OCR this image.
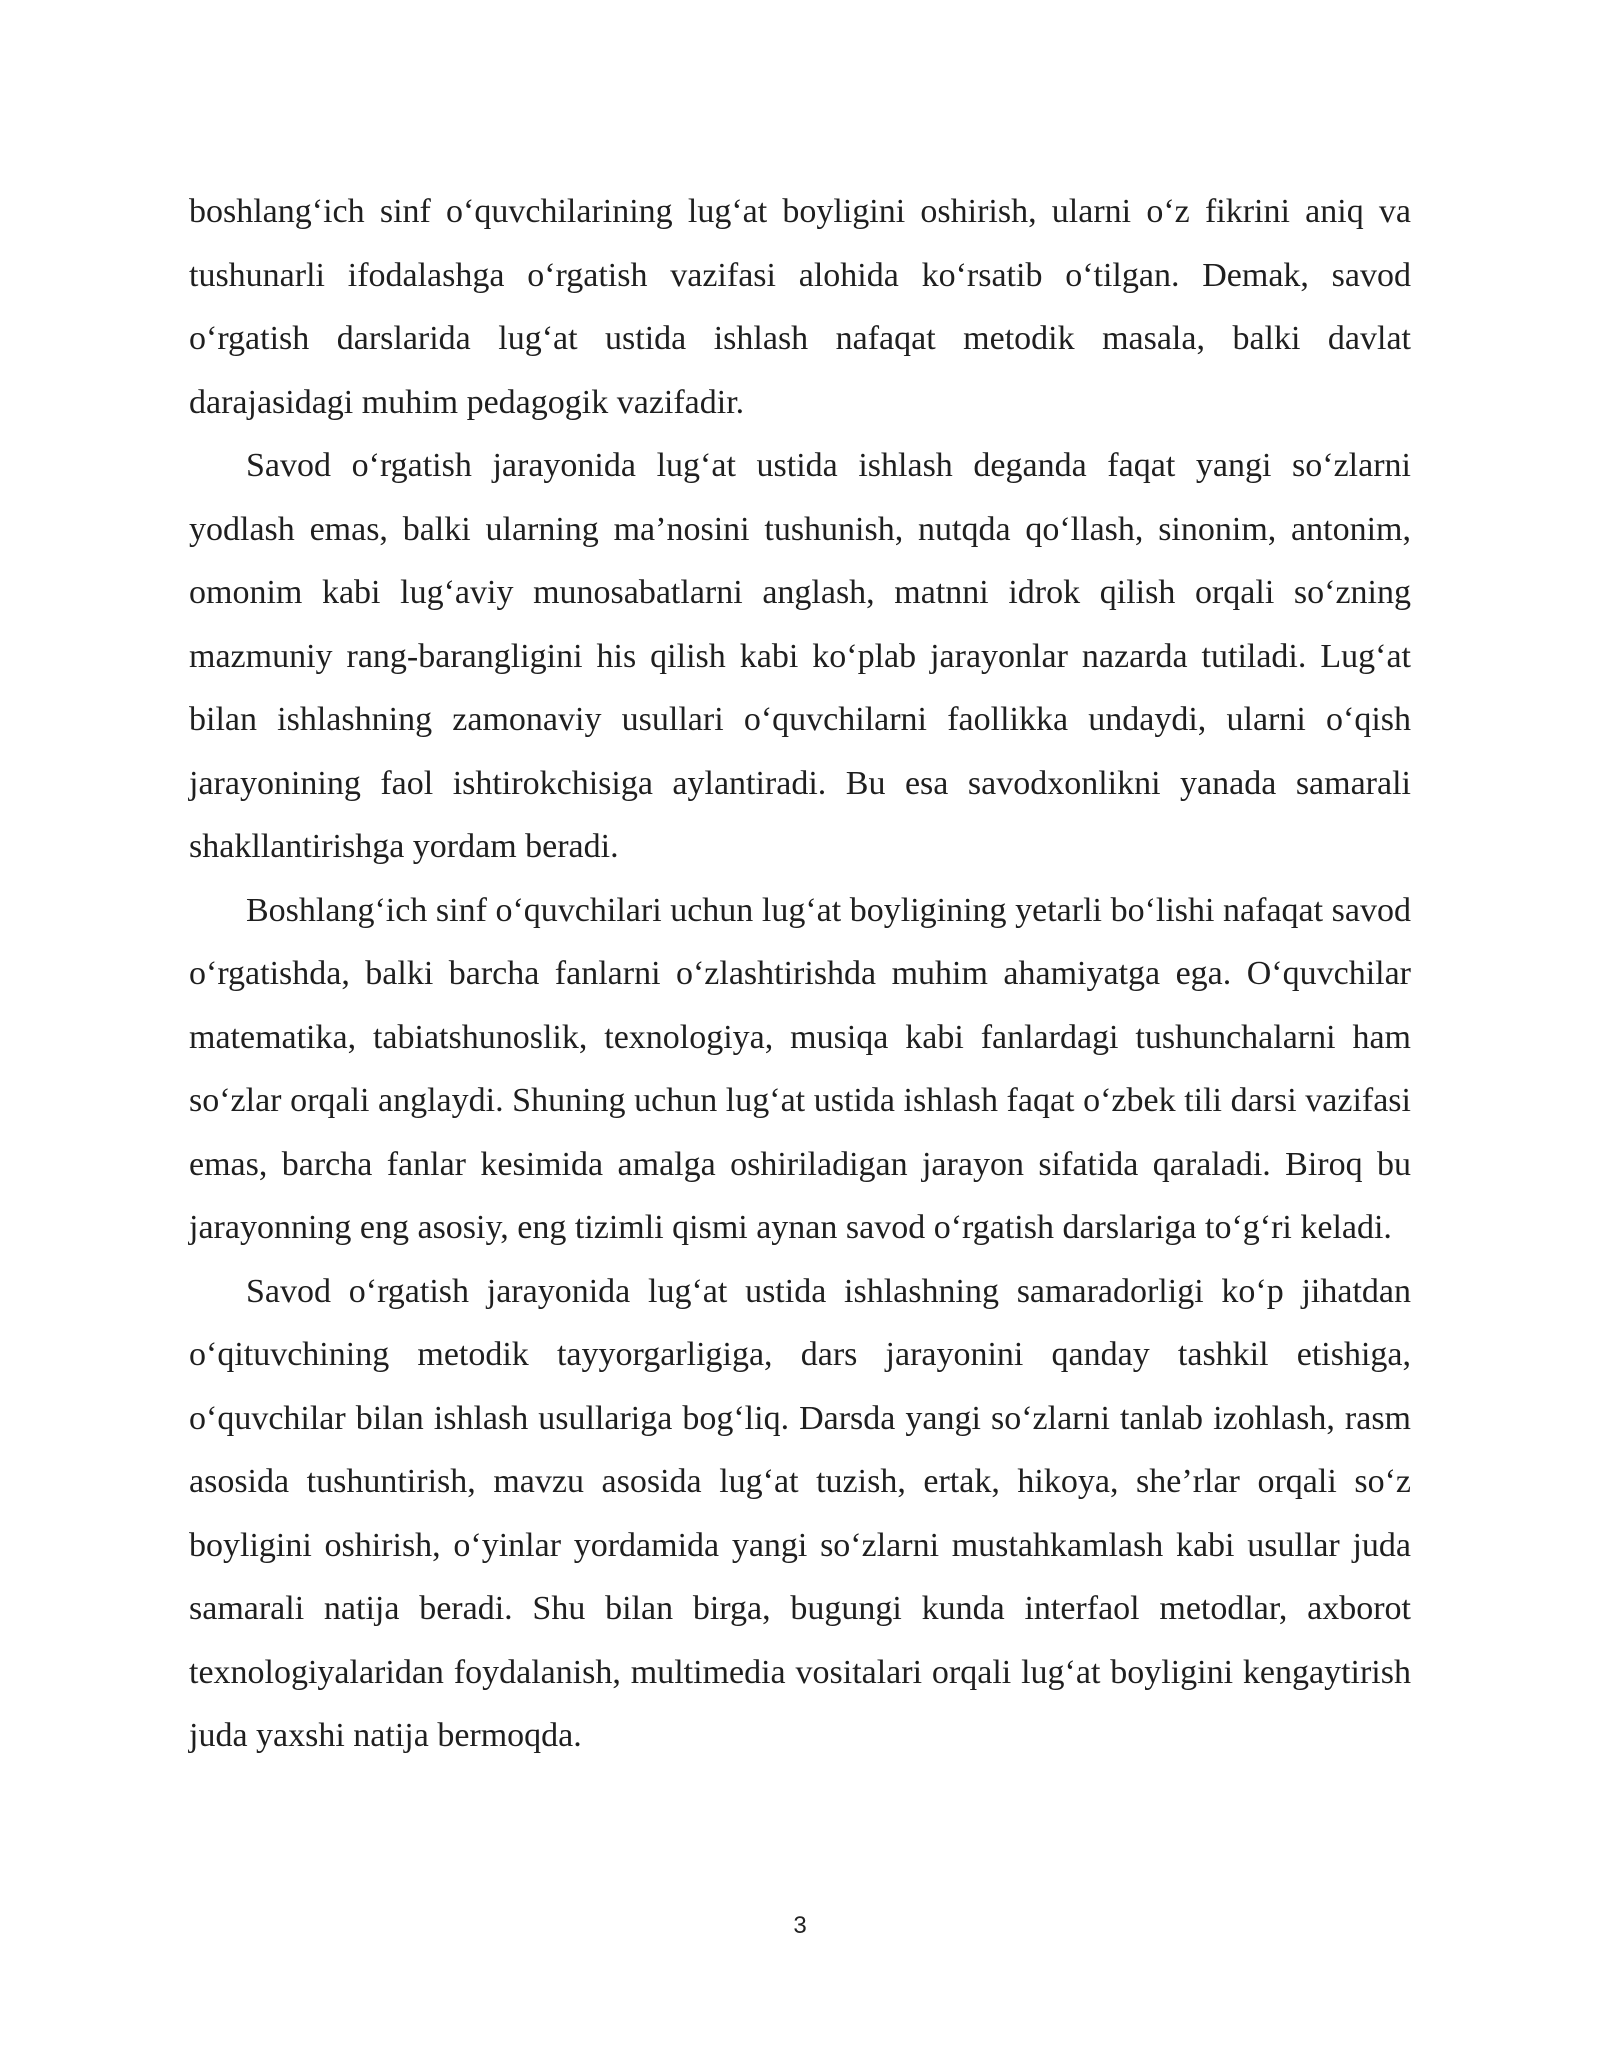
boshlang‘ich sinf o‘quvchilarining lug‘at boyligini oshirish, ularni o‘z fikrini aniq va tushunarli ifodalashga o‘rgatish vazifasi alohida ko‘rsatib o‘tilgan. Demak, savod o‘rgatish darslarida lug‘at ustida ishlash nafaqat metodik masala, balki davlat darajasidagi muhim pedagogik vazifadir.

Savod o‘rgatish jarayonida lug‘at ustida ishlash deganda faqat yangi so‘zlarni yodlash emas, balki ularning ma’nosini tushunish, nutqda qo‘llash, sinonim, antonim, omonim kabi lug‘aviy munosabatlarni anglash, matnni idrok qilish orqali so‘zning mazmuniy rang-barangligini his qilish kabi ko‘plab jarayonlar nazarda tutiladi. Lug‘at bilan ishlashning zamonaviy usullari o‘quvchilarni faollikka undaydi, ularni o‘qish jarayonining faol ishtirokchisiga aylantiradi. Bu esa savodxonlikni yanada samarali shakllantirishga yordam beradi.

Boshlang‘ich sinf o‘quvchilari uchun lug‘at boyligining yetarli bo‘lishi nafaqat savod o‘rgatishda, balki barcha fanlarni o‘zlashtirishda muhim ahamiyatga ega. O‘quvchilar matematika, tabiatshunoslik, texnologiya, musiqa kabi fanlardagi tushunchalarni ham so‘zlar orqali anglaydi. Shuning uchun lug‘at ustida ishlash faqat o‘zbek tili darsi vazifasi emas, barcha fanlar kesimida amalga oshiriladigan jarayon sifatida qaraladi. Biroq bu jarayonning eng asosiy, eng tizimli qismi aynan savod o‘rgatish darslariga to‘g‘ri keladi.

Savod o‘rgatish jarayonida lug‘at ustida ishlashning samaradorligi ko‘p jihatdan o‘qituvchining metodik tayyorgarligiga, dars jarayonini qanday tashkil etishiga, o‘quvchilar bilan ishlash usullariga bog‘liq. Darsda yangi so‘zlarni tanlab izohlash, rasm asosida tushuntirish, mavzu asosida lug‘at tuzish, ertak, hikoya, she’rlar orqali so‘z boyligini oshirish, o‘yinlar yordamida yangi so‘zlarni mustahkamlash kabi usullar juda samarali natija beradi. Shu bilan birga, bugungi kunda interfaol metodlar, axborot texnologiyalaridan foydalanish, multimedia vositalari orqali lug‘at boyligini kengaytirish juda yaxshi natija bermoqda.

3
